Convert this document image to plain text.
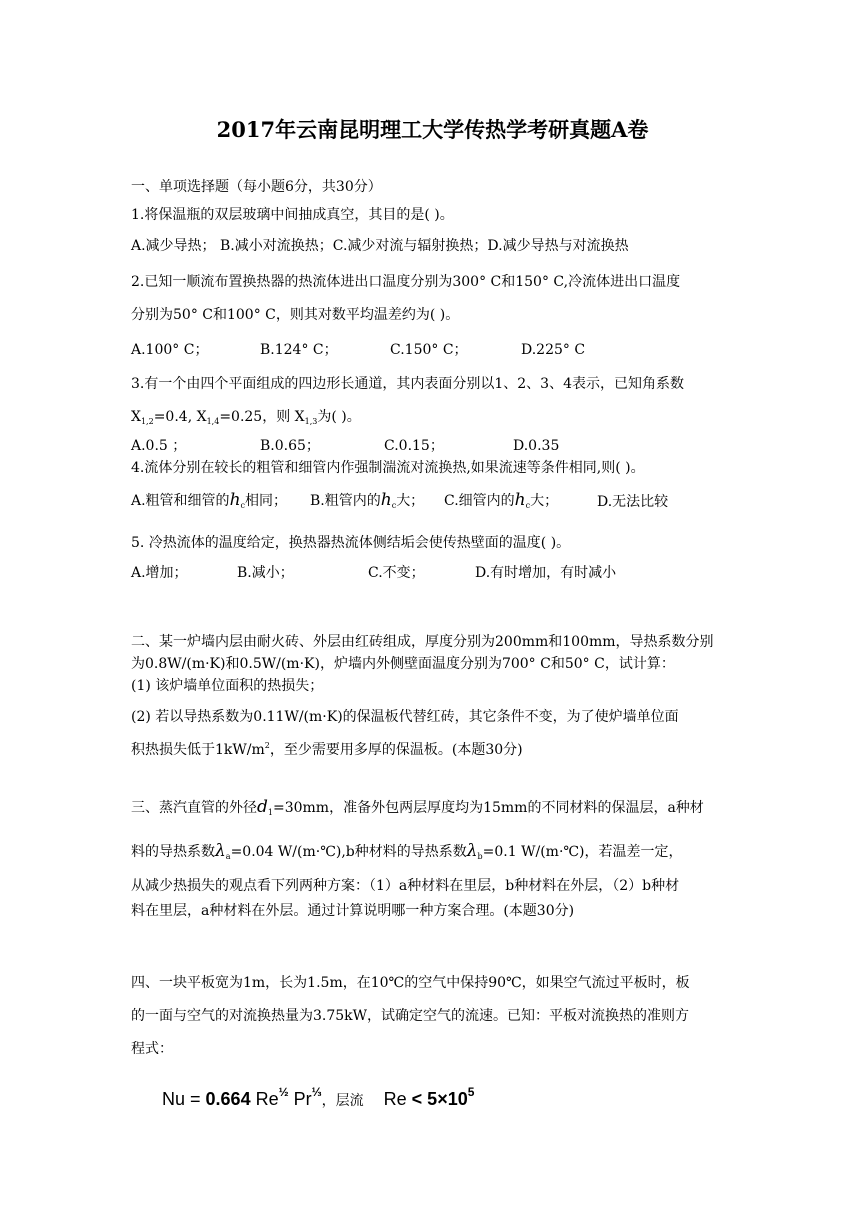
2017年云南昆明理工大学传热学考研真题A卷
一、单项选择题（每小题6分，共30分）
1.将保温瓶的双层玻璃中间抽成真空，其目的是( )。
A.减少导热； B.减小对流换热；C.减少对流与辐射换热；D.减少导热与对流换热
2.已知一顺流布置换热器的热流体进出口温度分别为300° C和150° C,冷流体进出口温度
分别为50° C和100° C，则其对数平均温差约为( )。
A.100° C；	B.124° C；	C.150° C；	D.225° C
3.有一个由四个平面组成的四边形长通道，其内表面分别以1、2、3、4表示，已知角系数
$X_{1,2}=0.4$, $X_{1,4}=0.25$，则 $X_{1,3}$为( )。
A.0.5 ；	B.0.65；	C.0.15；	D.0.35
4.流体分别在较长的粗管和细管内作强制湍流对流换热,如果流速等条件相同,则( )。
A.粗管和细管的$h_c$相同； B.粗管内的$h_c$大； C.细管内的$h_c$大；	D.无法比较
5. 冷热流体的温度给定，换热器热流体侧结垢会使传热壁面的温度( )。
A.增加；	B.减小；	C.不变；	D.有时增加，有时减小
二、某一炉墙内层由耐火砖、外层由红砖组成，厚度分别为200mm和100mm，导热系数分别
为0.8W/(m·K)和0.5W/(m·K)，炉墙内外侧壁面温度分别为700° C和50° C，试计算：
(1) 该炉墙单位面积的热损失；
(2) 若以导热系数为0.11W/(m·K)的保温板代替红砖，其它条件不变，为了使炉墙单位面
积热损失低于$1kW/m^2$，至少需要用多厚的保温板。(本题30分)
三、蒸汽直管的外径$d_1=30mm$，准备外包两层厚度均为15mm的不同材料的保温层，a种材
料的导热系数$\lambda_a=0.04$ W/(m·℃),b种材料的导热系数$\lambda_b=0.1$ W/(m·℃)，若温差一定，
从减少热损失的观点看下列两种方案：（1）a种材料在里层，b种材料在外层，（2）b种材
料在里层，a种材料在外层。通过计算说明哪一种方案合理。(本题30分)
四、一块平板宽为1m，长为1.5m，在10℃的空气中保持90℃，如果空气流过平板时，板
的一面与空气的对流换热量为3.75kW，试确定空气的流速。已知：平板对流换热的准则方
程式：
Nu = 0.664 $Re^{\frac{1}{2}}$ $Pr^{\frac{1}{3}}$，层流    $Re < 5\times 10^5$
